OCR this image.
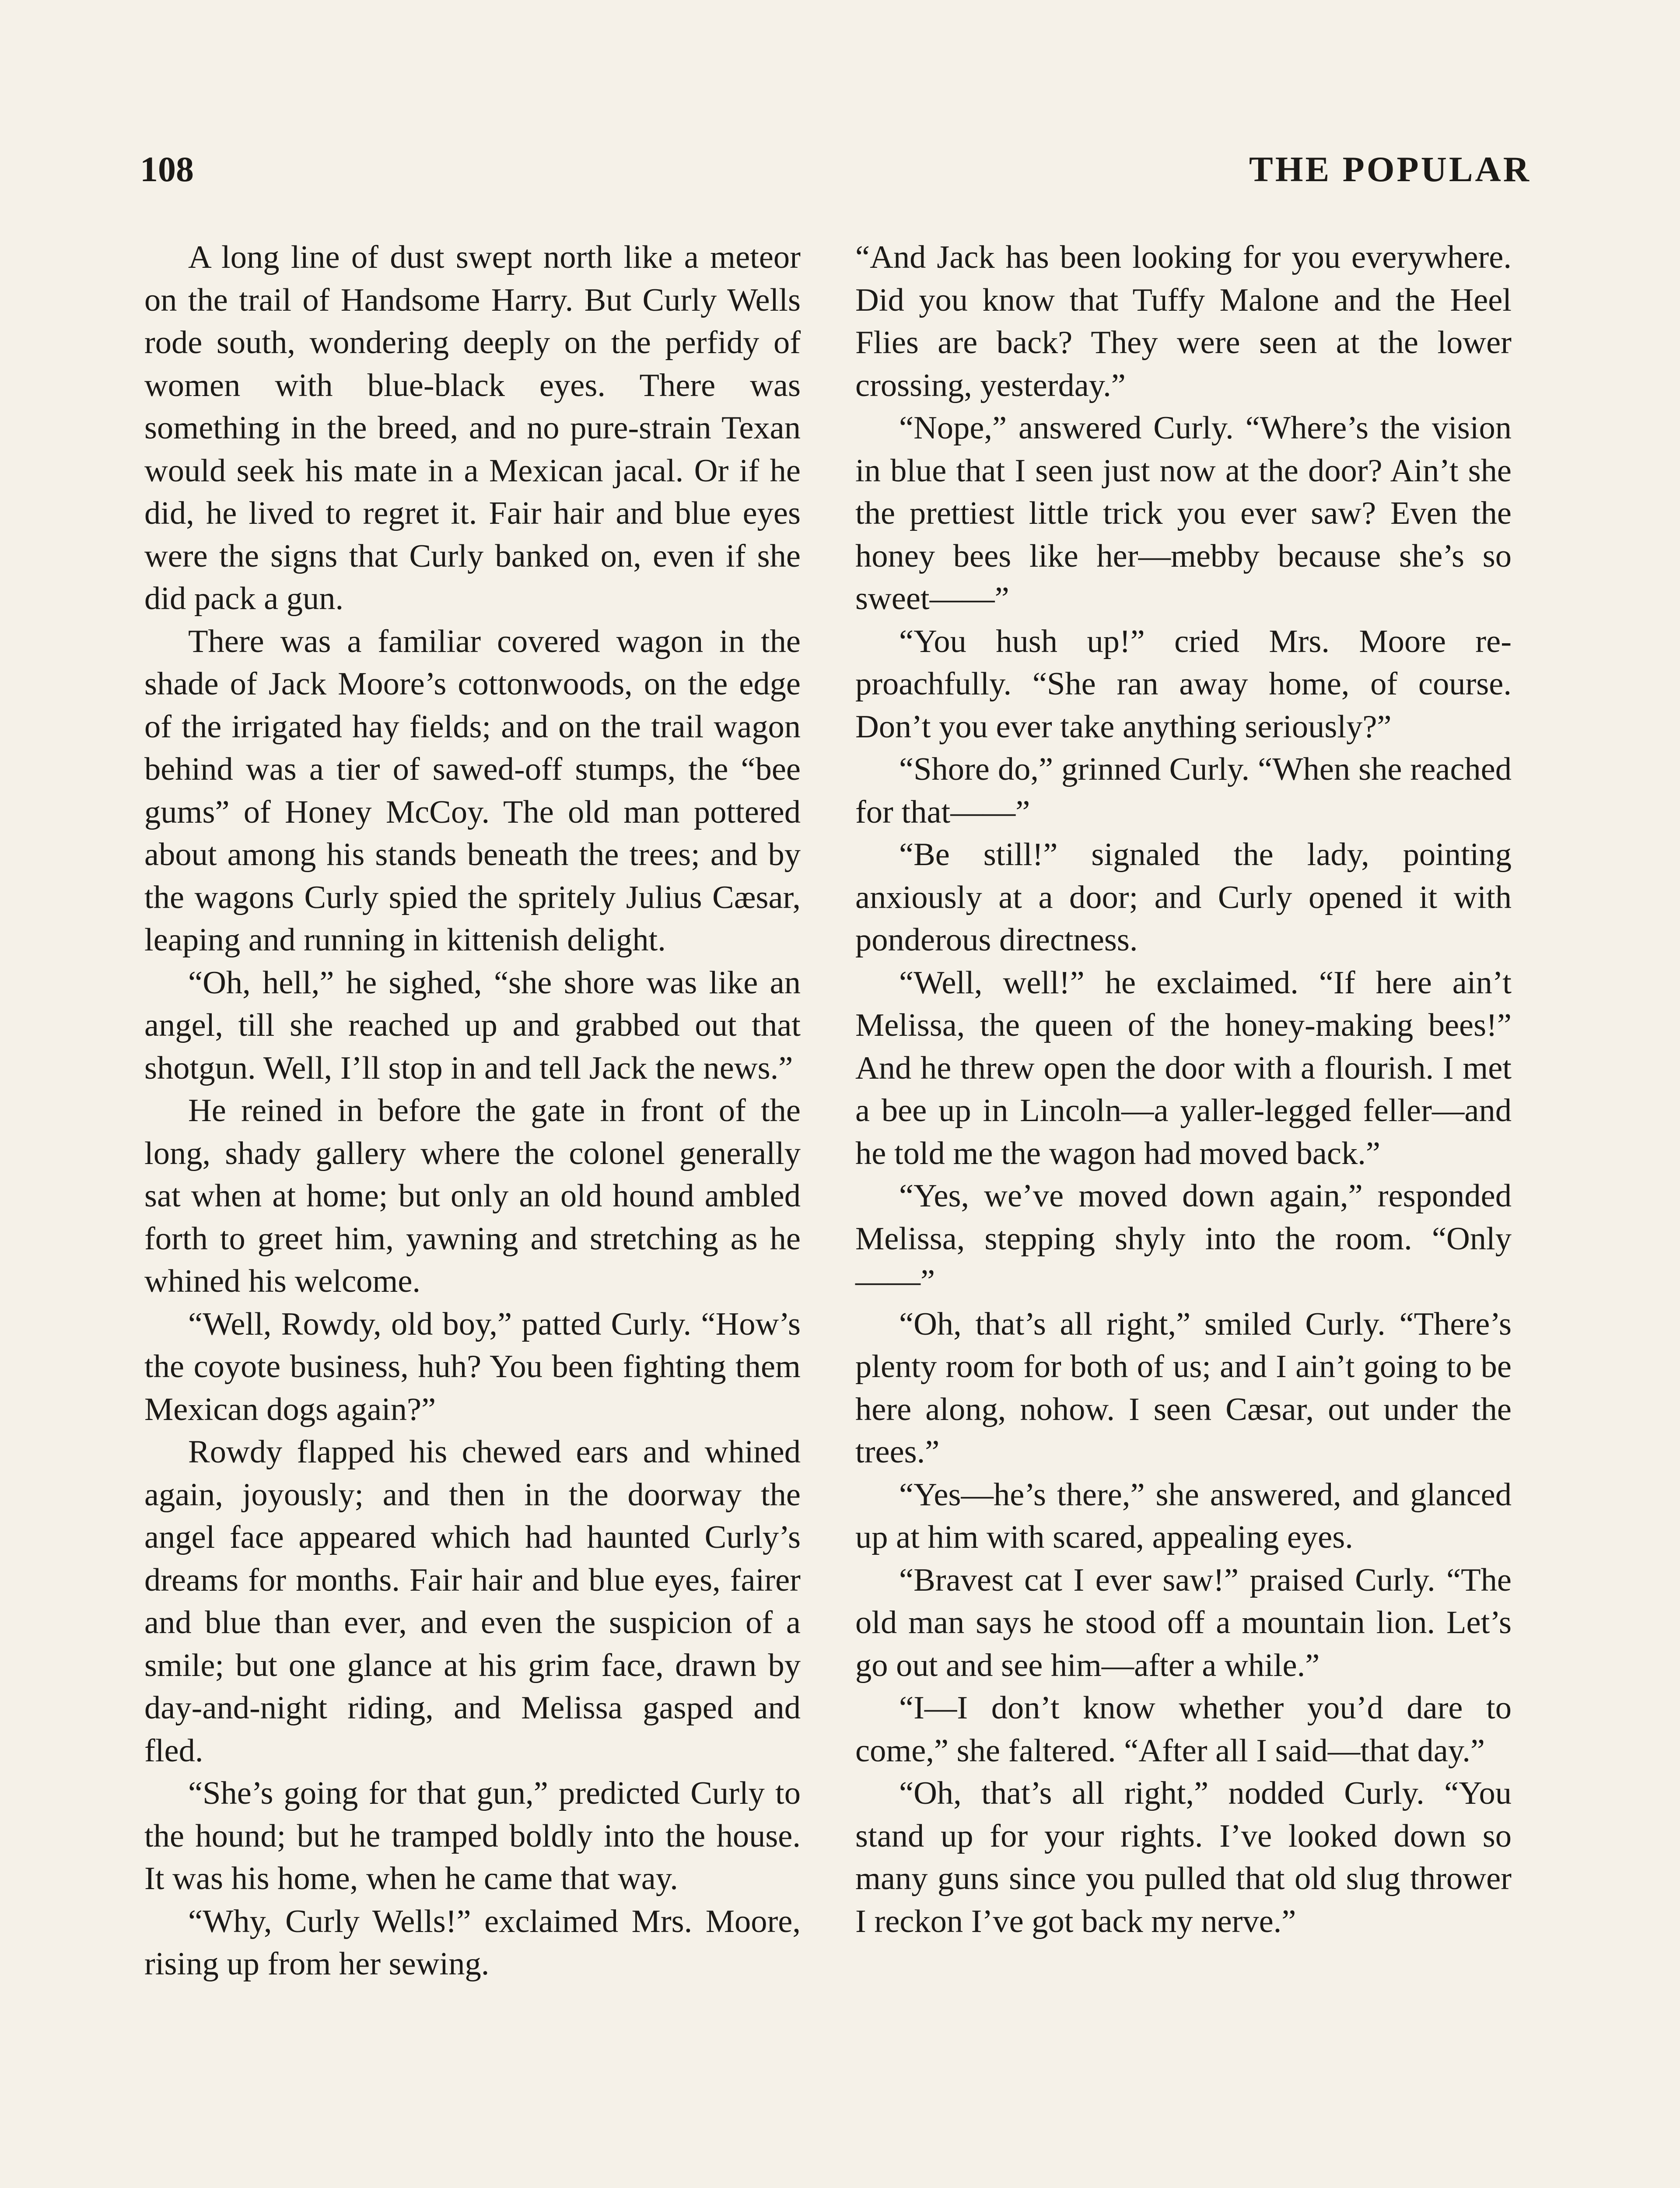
108	THE POPULAR

A long line of dust swept north like a meteor on the trail of Handsome Harry. But Curly Wells rode south, wondering deeply on the perfidy of women with blue-black eyes. There was something in the breed, and no pure-strain Texan would seek his mate in a Mexican jacal. Or if he did, he lived to regret it. Fair hair and blue eyes were the signs that Curly banked on, even if she did pack a gun.

There was a familiar covered wagon in the shade of Jack Moore’s cottonwoods, on the edge of the irrigated hay fields; and on the trail wagon behind was a tier of sawed-off stumps, the “bee gums” of Honey McCoy. The old man pottered about among his stands beneath the trees; and by the wagons Curly spied the spritely Julius Cæsar, leaping and running in kittenish delight.

“Oh, hell,” he sighed, “she shore was like an angel, till she reached up and grabbed out that shotgun. Well, I’ll stop in and tell Jack the news.”

He reined in before the gate in front of the long, shady gallery where the colonel generally sat when at home; but only an old hound ambled forth to greet him, yawning and stretching as he whined his welcome.

“Well, Rowdy, old boy,” patted Curly. “How’s the coyote business, huh? You been fighting them Mexican dogs again?”

Rowdy flapped his chewed ears and whined again, joyously; and then in the doorway the angel face appeared which had haunted Curly’s dreams for months. Fair hair and blue eyes, fairer and blue than ever, and even the suspicion of a smile; but one glance at his grim face, drawn by day-and-night riding, and Melissa gasped and fled.

“She’s going for that gun,” predicted Curly to the hound; but he tramped boldly into the house. It was his home, when he came that way.

“Why, Curly Wells!” exclaimed Mrs. Moore, rising up from her sewing.

“And Jack has been looking for you everywhere. Did you know that Tuffy Malone and the Heel Flies are back? They were seen at the lower crossing, yesterday.”

“Nope,” answered Curly. “Where’s the vision in blue that I seen just now at the door? Ain’t she the prettiest little trick you ever saw? Even the honey bees like her—mebby because she’s so sweet——”

“You hush up!” cried Mrs. Moore reproachfully. “She ran away home, of course. Don’t you ever take anything seriously?”

“Shore do,” grinned Curly. “When she reached for that——”

“Be still!” signaled the lady, pointing anxiously at a door; and Curly opened it with ponderous directness.

“Well, well!” he exclaimed. “If here ain’t Melissa, the queen of the honey-making bees!” And he threw open the door with a flourish. I met a bee up in Lincoln—a yaller-legged feller—and he told me the wagon had moved back.”

“Yes, we’ve moved down again,” responded Melissa, stepping shyly into the room. “Only——”

“Oh, that’s all right,” smiled Curly. “There’s plenty room for both of us; and I ain’t going to be here along, nohow. I seen Cæsar, out under the trees.”

“Yes—he’s there,” she answered, and glanced up at him with scared, appealing eyes.

“Bravest cat I ever saw!” praised Curly. “The old man says he stood off a mountain lion. Let’s go out and see him—after a while.”

“I—I don’t know whether you’d dare to come,” she faltered. “After all I said—that day.”

“Oh, that’s all right,” nodded Curly. “You stand up for your rights. I’ve looked down so many guns since you pulled that old slug thrower I reckon I’ve got back my nerve.”
